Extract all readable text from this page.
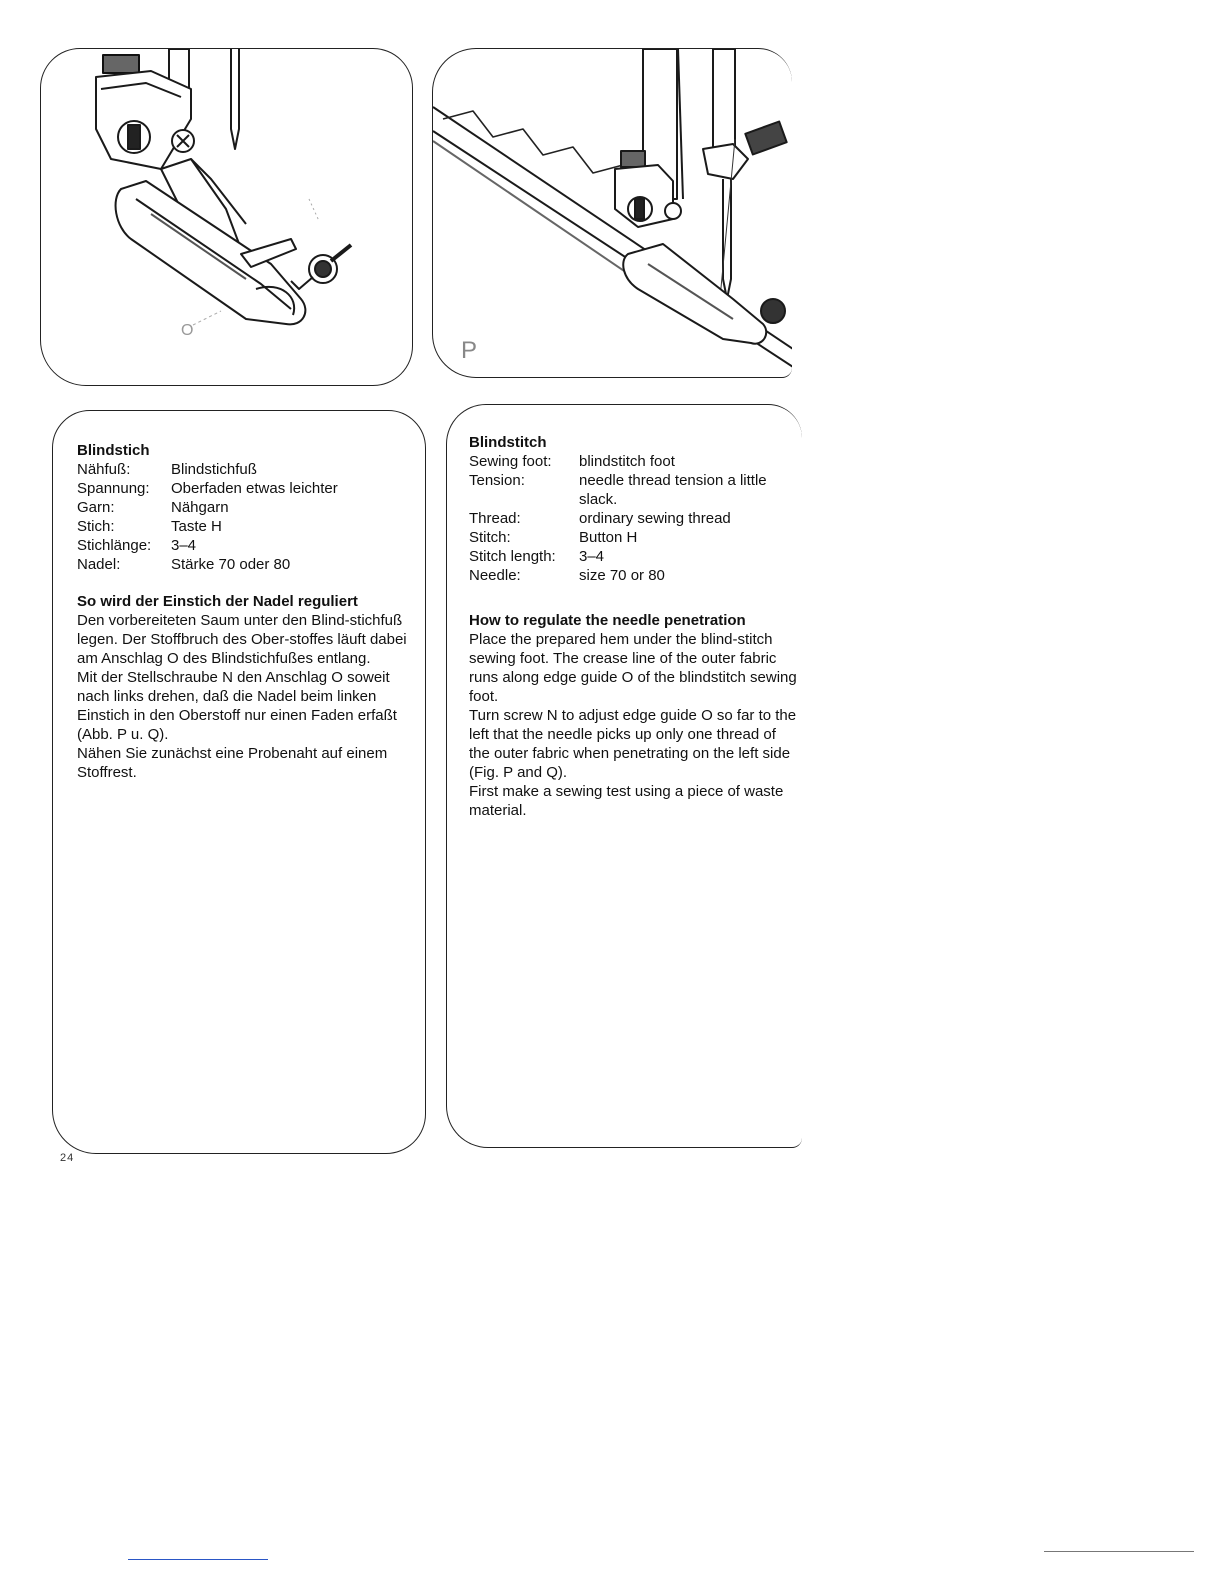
O
P
Blindstich
Nähfuß:	Blindstichfuß
Spannung:	Oberfaden etwas leichter
Garn:	Nähgarn
Stich:	Taste H
Stichlänge:	3–4
Nadel:	Stärke 70 oder 80
So wird der Einstich der Nadel reguliert

Den vorbereiteten Saum unter den Blind-stichfuß legen. Der Stoffbruch des Ober-stoffes läuft dabei am Anschlag O des Blindstichfußes entlang.

Mit der Stellschraube N den Anschlag O soweit nach links drehen, daß die Nadel beim linken Einstich in den Oberstoff nur einen Faden erfaßt (Abb. P u. Q).

Nähen Sie zunächst eine Probenaht auf einem Stoffrest.

Blindstitch
Sewing foot:	blindstitch foot
Tension:	needle thread tension a little slack.
Thread:	ordinary sewing thread
Stitch:	Button H
Stitch length:	3–4
Needle:	size 70 or 80
How to regulate the needle penetration

Place the prepared hem under the blind-stitch sewing foot. The crease line of the outer fabric runs along edge guide O of the blindstitch sewing foot.

Turn screw N to adjust edge guide O so far to the left that the needle picks up only one thread of the outer fabric when penetrating on the left side (Fig. P and Q).

First make a sewing test using a piece of waste material.

24
